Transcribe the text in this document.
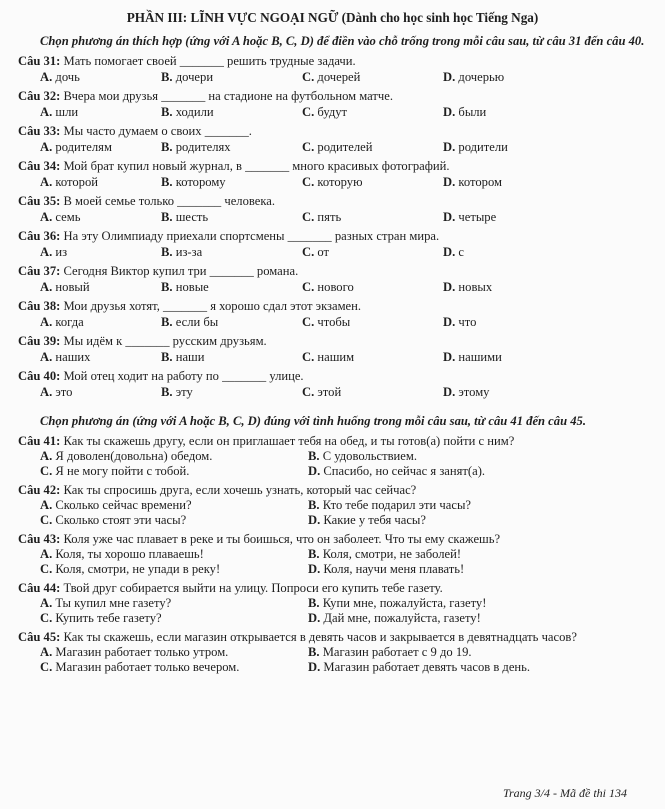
PHẦN III: LĨNH VỰC NGOẠI NGỮ (Dành cho học sinh học Tiếng Nga)
Chọn phương án thích hợp (ứng với A hoặc B, C, D) để điền vào chỗ trống trong mỗi câu sau, từ câu 31 đến câu 40.
Câu 31: Мать помогает своей _______ решить трудные задачи.
A. дочь	B. дочери	C. дочерей	D. дочерью
Câu 32: Вчера мои друзья _______ на стадионе на футбольном матче.
A. шли	B. ходили	C. будут	D. были
Câu 33: Мы часто думаем о своих _______.
A. родителям	B. родителях	C. родителей	D. родители
Câu 34: Мой брат купил новый журнал, в _______ много красивых фотографий.
A. которой	B. которому	C. которую	D. котором
Câu 35: В моей семье только _______ человека.
A. семь	B. шесть	C. пять	D. четыре
Câu 36: На эту Олимпиаду приехали спортсмены _______ разных стран мира.
A. из	B. из-за	C. от	D. с
Câu 37: Сегодня Виктор купил три _______ романа.
A. новый	B. новые	C. нового	D. новых
Câu 38: Мои друзья хотят, _______ я хорошо сдал этот экзамен.
A. когда	B. если бы	C. чтобы	D. что
Câu 39: Мы идём к _______ русским друзьям.
A. наших	B. наши	C. нашим	D. нашими
Câu 40: Мой отец ходит на работу по _______ улице.
A. это	B. эту	C. этой	D. этому
Chọn phương án (ứng với A hoặc B, C, D) đúng với tình huống trong mỗi câu sau, từ câu 41 đến câu 45.
Câu 41: Как ты скажешь другу, если он приглашает тебя на обед, и ты готов(а) пойти с ним?
A. Я доволен(довольна) обедом.	B. С удовольствием.
C. Я не могу пойти с тобой.	D. Спасибо, но сейчас я занят(а).
Câu 42: Как ты спросишь друга, если хочешь узнать, который час сейчас?
A. Сколько сейчас времени?	B. Кто тебе подарил эти часы?
C. Сколько стоят эти часы?	D. Какие у тебя часы?
Câu 43: Коля уже час плавает в реке и ты боишься, что он заболеет. Что ты ему скажешь?
A. Коля, ты хорошо плаваешь!	B. Коля, смотри, не заболей!
C. Коля, смотри, не упади в реку!	D. Коля, научи меня плавать!
Câu 44: Твой друг собирается выйти на улицу. Попроси его купить тебе газету.
A. Ты купил мне газету?	B. Купи мне, пожалуйста, газету!
C. Купить тебе газету?	D. Дай мне, пожалуйста, газету!
Câu 45: Как ты скажешь, если магазин открывается в девять часов и закрывается в девятнадцать часов?
A. Магазин работает только утром.	B. Магазин работает с 9 до 19.
C. Магазин работает только вечером.	D. Магазин работает девять часов в день.
Trang 3/4 - Mã đề thi 134
